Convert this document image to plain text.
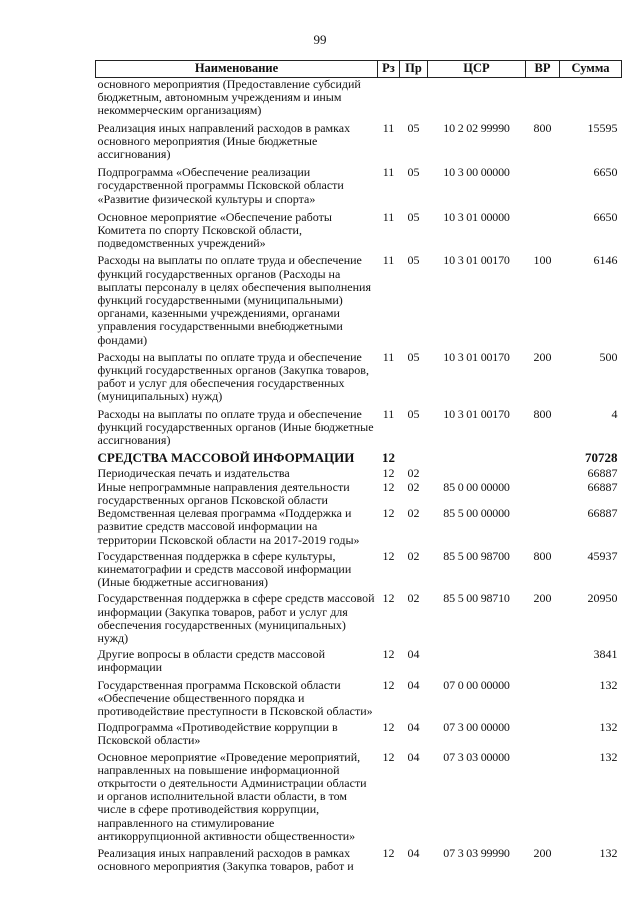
99
Наименование	Рз	Пр	ЦСР	ВР	Сумма
основного мероприятия (Предоставление субсидий бюджетным, автономным учреждениям и иным некоммерческим организациям)					
Реализация иных направлений расходов в рамках основного мероприятия (Иные бюджетные ассигнования)	11	05	10 2 02 99990	800	15595
Подпрограмма «Обеспечение реализации государственной программы Псковской области «Развитие физической культуры и спорта»	11	05	10 3 00 00000		6650
Основное мероприятие «Обеспечение работы Комитета по спорту Псковской области, подведомственных учреждений»	11	05	10 3 01 00000		6650
Расходы на выплаты по оплате труда и обеспечение функций государственных органов (Расходы на выплаты персоналу в целях обеспечения выполнения функций государственными (муниципальными) органами, казенными учреждениями, органами управления государственными внебюджетными фондами)	11	05	10 3 01 00170	100	6146
Расходы на выплаты по оплате труда и обеспечение функций государственных органов (Закупка товаров, работ и услуг для обеспечения государственных (муниципальных) нужд)	11	05	10 3 01 00170	200	500
Расходы на выплаты по оплате труда и обеспечение функций государственных органов (Иные бюджетные ассигнования)	11	05	10 3 01 00170	800	4
СРЕДСТВА МАССОВОЙ ИНФОРМАЦИИ	12				70728
Периодическая печать и издательства	12	02			66887
Иные непрограммные направления деятельности государственных органов Псковской области	12	02	85 0 00 00000		66887
Ведомственная целевая программа «Поддержка и развитие средств массовой информации на территории Псковской области на 2017-2019 годы»	12	02	85 5 00 00000		66887
Государственная поддержка в сфере культуры, кинематографии и средств массовой информации (Иные бюджетные ассигнования)	12	02	85 5 00 98700	800	45937
Государственная поддержка в сфере средств массовой информации (Закупка товаров, работ и услуг для обеспечения государственных (муниципальных) нужд)	12	02	85 5 00 98710	200	20950
Другие вопросы в области средств массовой информации	12	04			3841
Государственная программа Псковской области «Обеспечение общественного порядка и противодействие преступности в Псковской области»	12	04	07 0 00 00000		132
Подпрограмма «Противодействие коррупции в Псковской области»	12	04	07 3 00 00000		132
Основное мероприятие «Проведение мероприятий, направленных на повышение информационной открытости о деятельности Администрации области и органов исполнительной власти области, в том числе в сфере противодействия коррупции, направленного на стимулирование антикоррупционной активности общественности»	12	04	07 3 03 00000		132
Реализация иных направлений расходов в рамках основного мероприятия (Закупка товаров, работ и	12	04	07 3 03 99990	200	132
